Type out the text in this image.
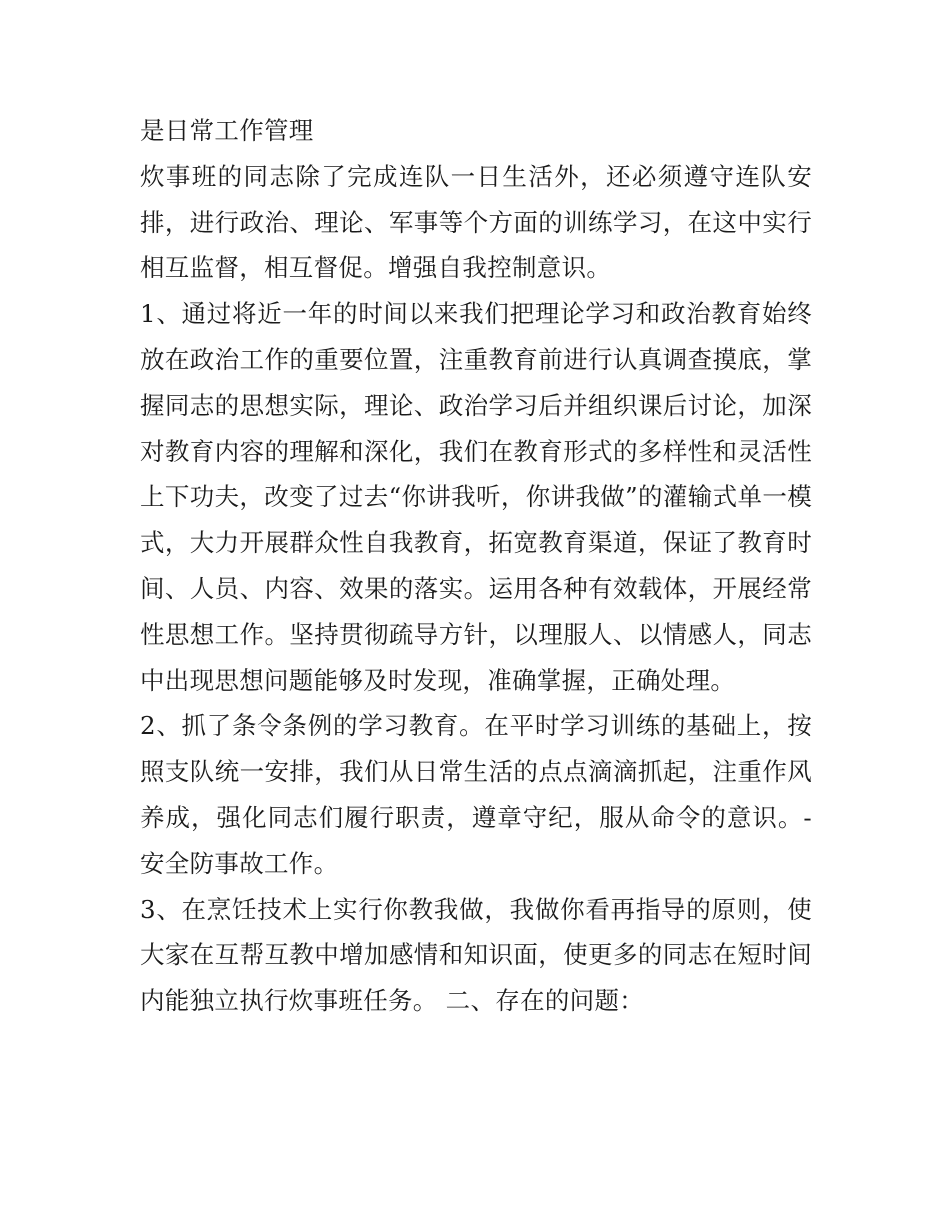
是日常工作管理
炊事班的同志除了完成连队一日生活外，还必须遵守连队安
排，进行政治、理论、军事等个方面的训练学习，在这中实行
相互监督，相互督促。增强自我控制意识。
1、通过将近一年的时间以来我们把理论学习和政治教育始终
放在政治工作的重要位置，注重教育前进行认真调查摸底，掌
握同志的思想实际，理论、政治学习后并组织课后讨论，加深
对教育内容的理解和深化，我们在教育形式的多样性和灵活性
上下功夫，改变了过去“你讲我听，你讲我做”的灌输式单一模
式，大力开展群众性自我教育，拓宽教育渠道，保证了教育时
间、人员、内容、效果的落实。运用各种有效载体，开展经常
性思想工作。坚持贯彻疏导方针，以理服人、以情感人，同志
中出现思想问题能够及时发现，准确掌握，正确处理。
2、抓了条令条例的学习教育。在平时学习训练的基础上，按
照支队统一安排，我们从日常生活的点点滴滴抓起，注重作风
养成，强化同志们履行职责，遵章守纪，服从命令的意识。-
安全防事故工作。
3、在烹饪技术上实行你教我做，我做你看再指导的原则，使
大家在互帮互教中增加感情和知识面，使更多的同志在短时间
内能独立执行炊事班任务。 二、存在的问题：
